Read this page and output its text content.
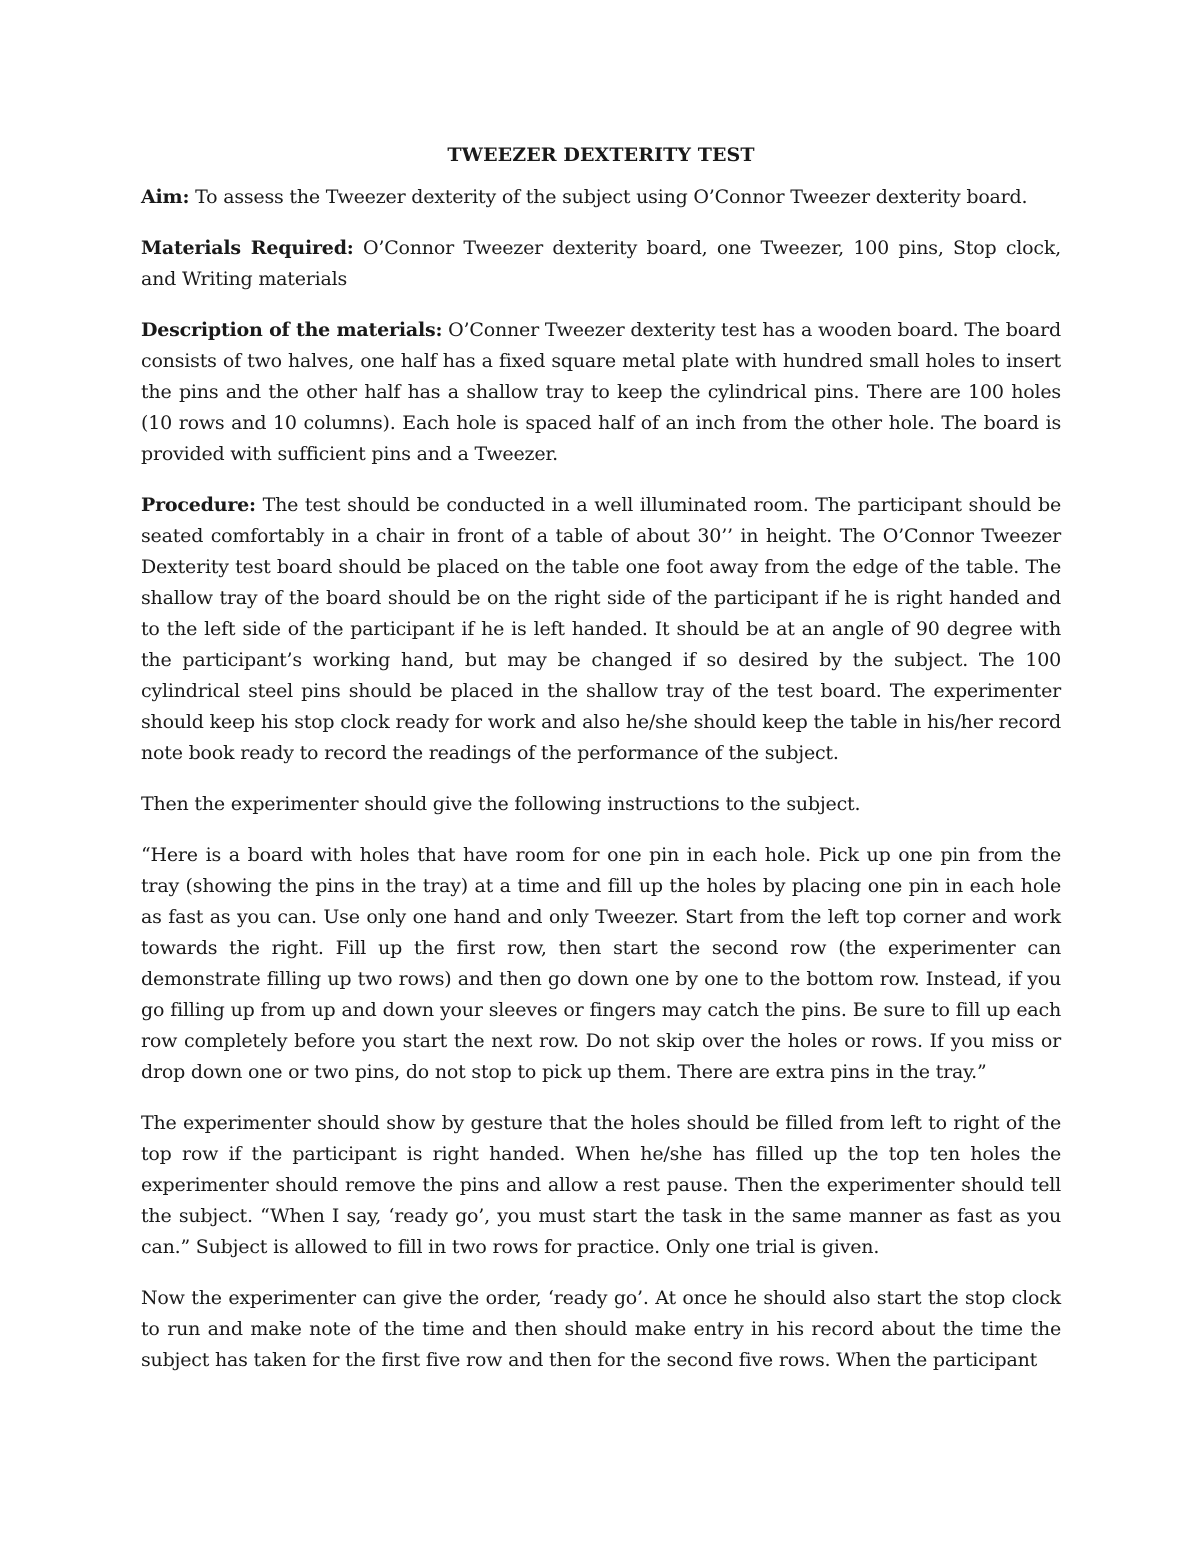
TWEEZER DEXTERITY TEST

Aim: To assess the Tweezer dexterity of the subject using O’Connor Tweezer dexterity board.

Materials Required: O’Connor Tweezer dexterity board, one Tweezer, 100 pins, Stop clock, and Writing materials

Description of the materials: O’Conner Tweezer dexterity test has a wooden board. The board consists of two halves, one half has a fixed square metal plate with hundred small holes to insert the pins and the other half has a shallow tray to keep the cylindrical pins. There are 100 holes (10 rows and 10 columns). Each hole is spaced half of an inch from the other hole. The board is provided with sufficient pins and a Tweezer.

Procedure: The test should be conducted in a well illuminated room. The participant should be seated comfortably in a chair in front of a table of about 30’’ in height. The O’Connor Tweezer Dexterity test board should be placed on the table one foot away from the edge of the table. The shallow tray of the board should be on the right side of the participant if he is right handed and to the left side of the participant if he is left handed. It should be at an angle of 90 degree with the participant’s working hand, but may be changed if so desired by the subject. The 100 cylindrical steel pins should be placed in the shallow tray of the test board. The experimenter should keep his stop clock ready for work and also he/she should keep the table in his/her record note book ready to record the readings of the performance of the subject.

Then the experimenter should give the following instructions to the subject.

“Here is a board with holes that have room for one pin in each hole. Pick up one pin from the tray (showing the pins in the tray) at a time and fill up the holes by placing one pin in each hole as fast as you can. Use only one hand and only Tweezer. Start from the left top corner and work towards the right. Fill up the first row, then start the second row (the experimenter can demonstrate filling up two rows) and then go down one by one to the bottom row. Instead, if you go filling up from up and down your sleeves or fingers may catch the pins. Be sure to fill up each row completely before you start the next row. Do not skip over the holes or rows. If you miss or drop down one or two pins, do not stop to pick up them. There are extra pins in the tray.”

The experimenter should show by gesture that the holes should be filled from left to right of the top row if the participant is right handed. When he/she has filled up the top ten holes the experimenter should remove the pins and allow a rest pause. Then the experimenter should tell the subject. “When I say, ‘ready go’, you must start the task in the same manner as fast as you can.” Subject is allowed to fill in two rows for practice. Only one trial is given.

Now the experimenter can give the order, ‘ready go’. At once he should also start the stop clock to run and make note of the time and then should make entry in his record about the time the subject has taken for the first five row and then for the second five rows. When the participant
